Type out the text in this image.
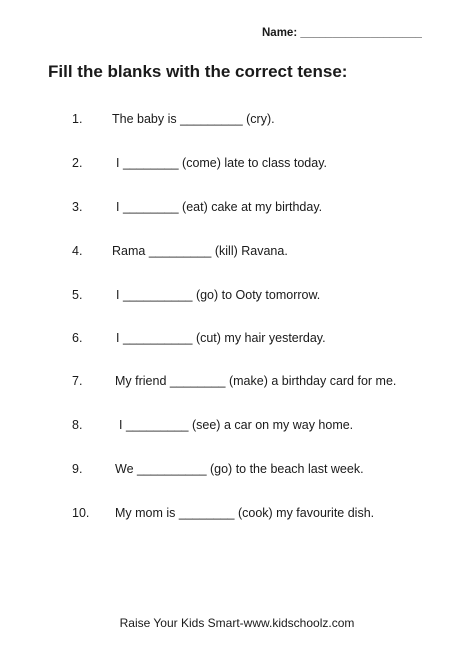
Name: ___________________
Fill the blanks with the correct tense:
1. The baby is _________ (cry).
2.	I ________ (come) late to class today.
3.	I ________ (eat) cake at my birthday.
4. Rama _________ (kill) Ravana.
5.	I __________ (go) to Ooty tomorrow.
6.	I __________ (cut) my hair yesterday.
7.	My friend ________ (make) a birthday card for me.
8.	I _________ (see) a car on my way home.
9.	We __________ (go) to the beach last week.
10. My mom is ________ (cook) my favourite dish.
Raise Your Kids Smart-www.kidschoolz.com
